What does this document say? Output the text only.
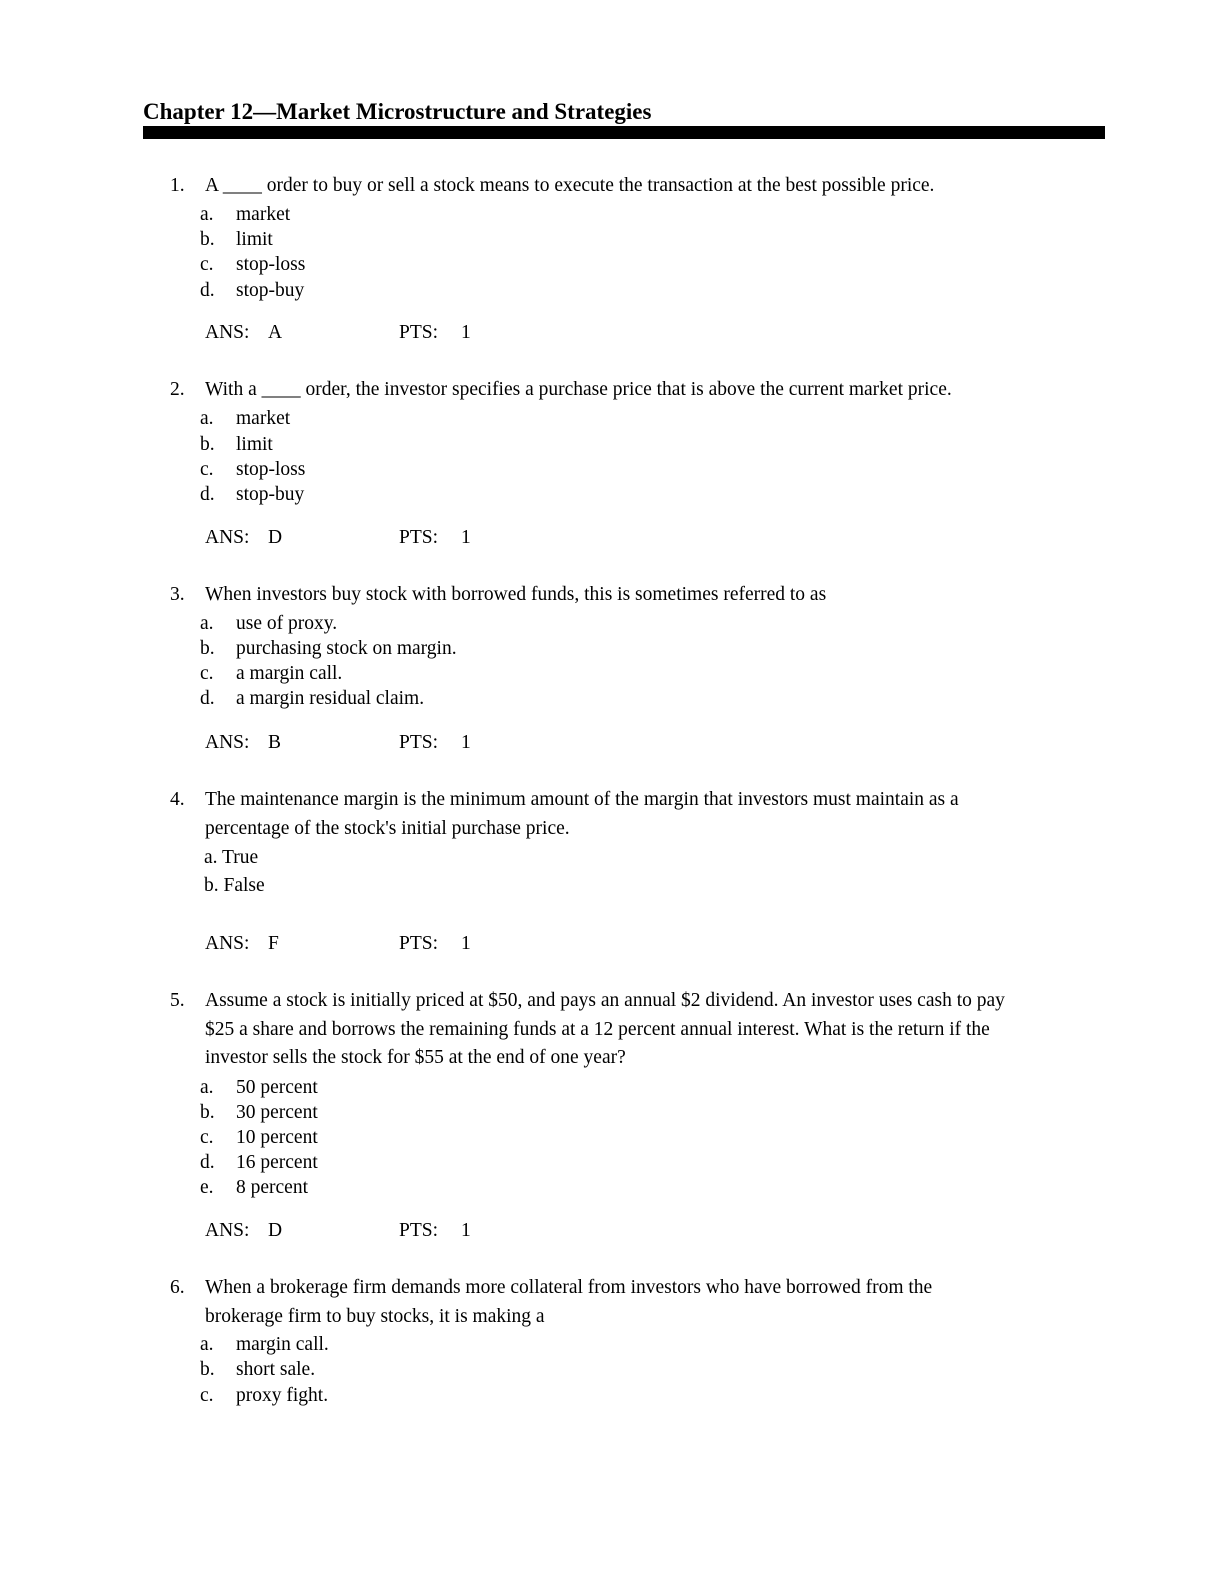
Chapter 12—Market Microstructure and Strategies
1.	A ____ order to buy or sell a stock means to execute the transaction at the best possible price.
a. market
b. limit
c. stop-loss
d. stop-buy
ANS: A	PTS: 1
2.	With a ____ order, the investor specifies a purchase price that is above the current market price.
a. market
b. limit
c. stop-loss
d. stop-buy
ANS: D	PTS: 1
3.	When investors buy stock with borrowed funds, this is sometimes referred to as
a. use of proxy.
b. purchasing stock on margin.
c. a margin call.
d. a margin residual claim.
ANS: B	PTS: 1
4.	The maintenance margin is the minimum amount of the margin that investors must maintain as a
percentage of the stock's initial purchase price.
a. True
b. False
ANS: F	PTS: 1
5.	Assume a stock is initially priced at $50, and pays an annual $2 dividend. An investor uses cash to pay
$25 a share and borrows the remaining funds at a 12 percent annual interest. What is the return if the
investor sells the stock for $55 at the end of one year?
a. 50 percent
b. 30 percent
c. 10 percent
d. 16 percent
e. 8 percent
ANS: D	PTS: 1
6.	When a brokerage firm demands more collateral from investors who have borrowed from the
brokerage firm to buy stocks, it is making a
a. margin call.
b. short sale.
c. proxy fight.
